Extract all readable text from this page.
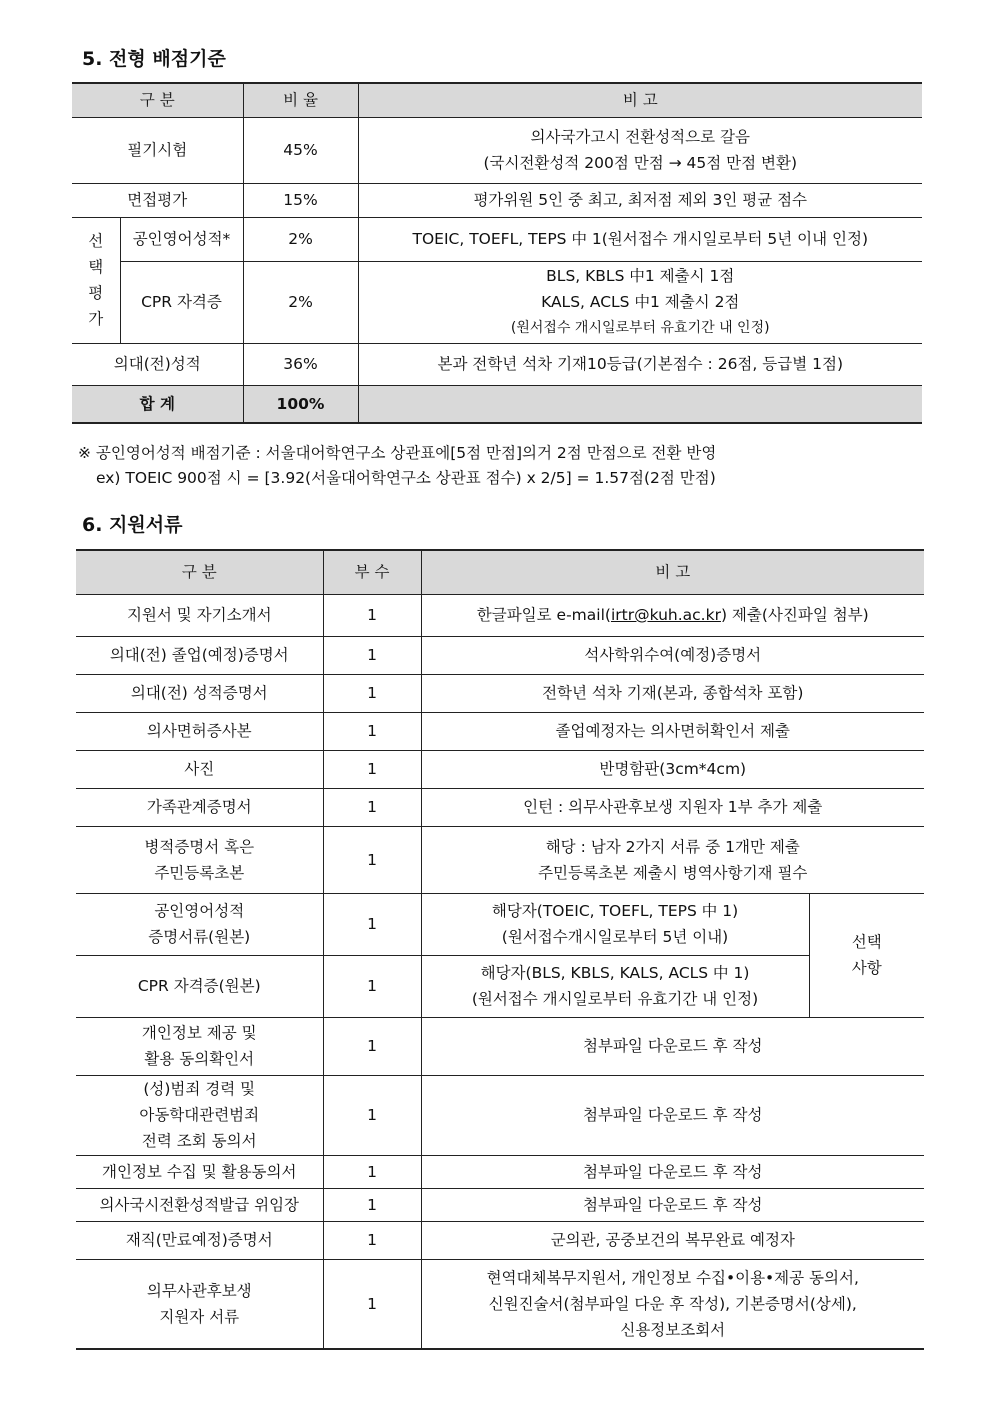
5. 전형 배점기준
구 분		비 율	비 고
필기시험		45%	의사국가고시 전환성적으로 갈음
(국시전환성적 200점 만점 → 45점 만점 변환)

면접평가		15%	평가위원 5인 중 최고, 최저점 제외 3인 평균 점수

선
택
평
가	공인영어성적*	2%	TOEIC, TOEFL, TEPS 中 1(원서접수 개시일로부터 5년 이내 인정)
	CPR 자격증	2%	BLS, KBLS 中1 제출시 1점
KALS, ACLS 中1 제출시 2점
(원서접수 개시일로부터 유효기간 내 인정)

의대(전)성적		36%	본과 전학년 석차 기재10등급(기본점수 : 26점, 등급별 1점)
합 계		100%	

※ 공인영어성적 배점기준 : 서울대어학연구소 상관표에[5점 만점]의거 2점 만점으로 전환 반영

ex) TOEIC 900점 시 = [3.92(서울대어학연구소 상관표 점수) x 2/5] = 1.57점(2점 만점)

6. 지원서류
구 분	부 수	비 고	
지원서 및 자기소개서	1	한글파일로 e-mail(irtr@kuh.ac.kr) 제출(사진파일 첨부)	
의대(전) 졸업(예정)증명서	1	석사학위수여(예정)증명서	
의대(전) 성적증명서	1	전학년 석차 기재(본과, 종합석차 포함)	
의사면허증사본	1	졸업예정자는 의사면허확인서 제출	
사진	1	반명함판(3cm*4cm)	
가족관계증명서	1	인턴 : 의무사관후보생 지원자 1부 추가 제출	

병적증명서 혹은
주민등록초본	1	해당 : 남자 2가지 서류 중 1개만 제출
주민등록초본 제출시 병역사항기재 필수	

공인영어성적
증명서류(원본)	1	해당자(TOEIC, TOEFL, TEPS 中 1)
(원서접수개시일로부터 5년 이내)	선택
사항

CPR 자격증(원본)	1	해당자(BLS, KBLS, KALS, ACLS 中 1)
(원서접수 개시일로부터 유효기간 내 인정)	

개인정보 제공 및
활용 동의확인서	1	첨부파일 다운로드 후 작성	

(성)범죄 경력 및
아동학대관련범죄
전력 조회 동의서	1	첨부파일 다운로드 후 작성	
개인정보 수집 및 활용동의서	1	첨부파일 다운로드 후 작성	
의사국시전환성적발급 위임장	1	첨부파일 다운로드 후 작성	
재직(만료예정)증명서	1	군의관, 공중보건의 복무완료 예정자	

의무사관후보생
지원자 서류	1	현역대체복무지원서, 개인정보 수집•이용•제공 동의서,
신원진술서(첨부파일 다운 후 작성), 기본증명서(상세),
신용정보조회서	
